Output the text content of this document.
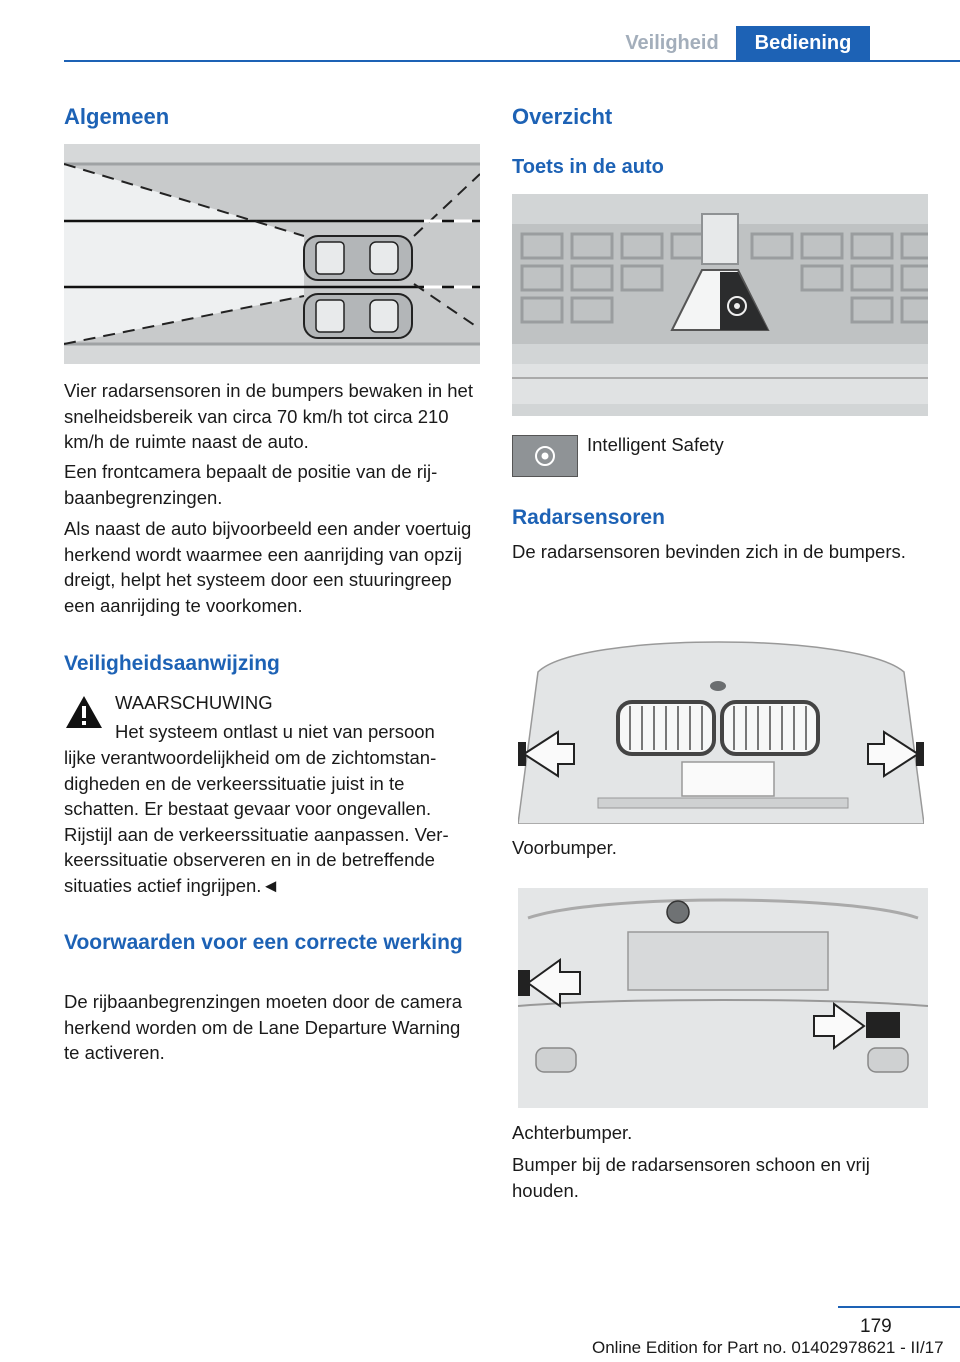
Veiligheid	Bediening
Algemeen

Vier radarsensoren in de bumpers bewaken in het snelheidsbereik van circa 70 km/h tot circa 210 km/h de ruimte naast de auto.

Een frontcamera bepaalt de positie van de rijbaanbegrenzingen.

Als naast de auto bijvoorbeeld een ander voertuig herkend wordt waarmee een aanrijding van opzij dreigt, helpt het systeem door een stuuringreep een aanrijding te voorkomen.

Veiligheidsaanwijzing
WAARSCHUWING
Het systeem ontlast u niet van persoon

lijke verantwoordelijkheid om de zichtomstandigheden en de verkeerssituatie juist in te schatten. Er bestaat gevaar voor ongevallen. Rijstijl aan de verkeerssituatie aanpassen. Verkeerssituatie observeren en in de betreffende situaties actief ingrijpen.◄

Voorwaarden voor een correcte werking

De rijbaanbegrenzingen moeten door de camera herkend worden om de Lane Departure Warning te activeren.

Overzicht
Toets in de auto
Intelligent Safety
Radarsensoren

De radarsensoren bevinden zich in de bumpers.

Voorbumper.
Achterbumper.

Bumper bij de radarsensoren schoon en vrij houden.

179
Online Edition for Part no. 01402978621 - II/17
